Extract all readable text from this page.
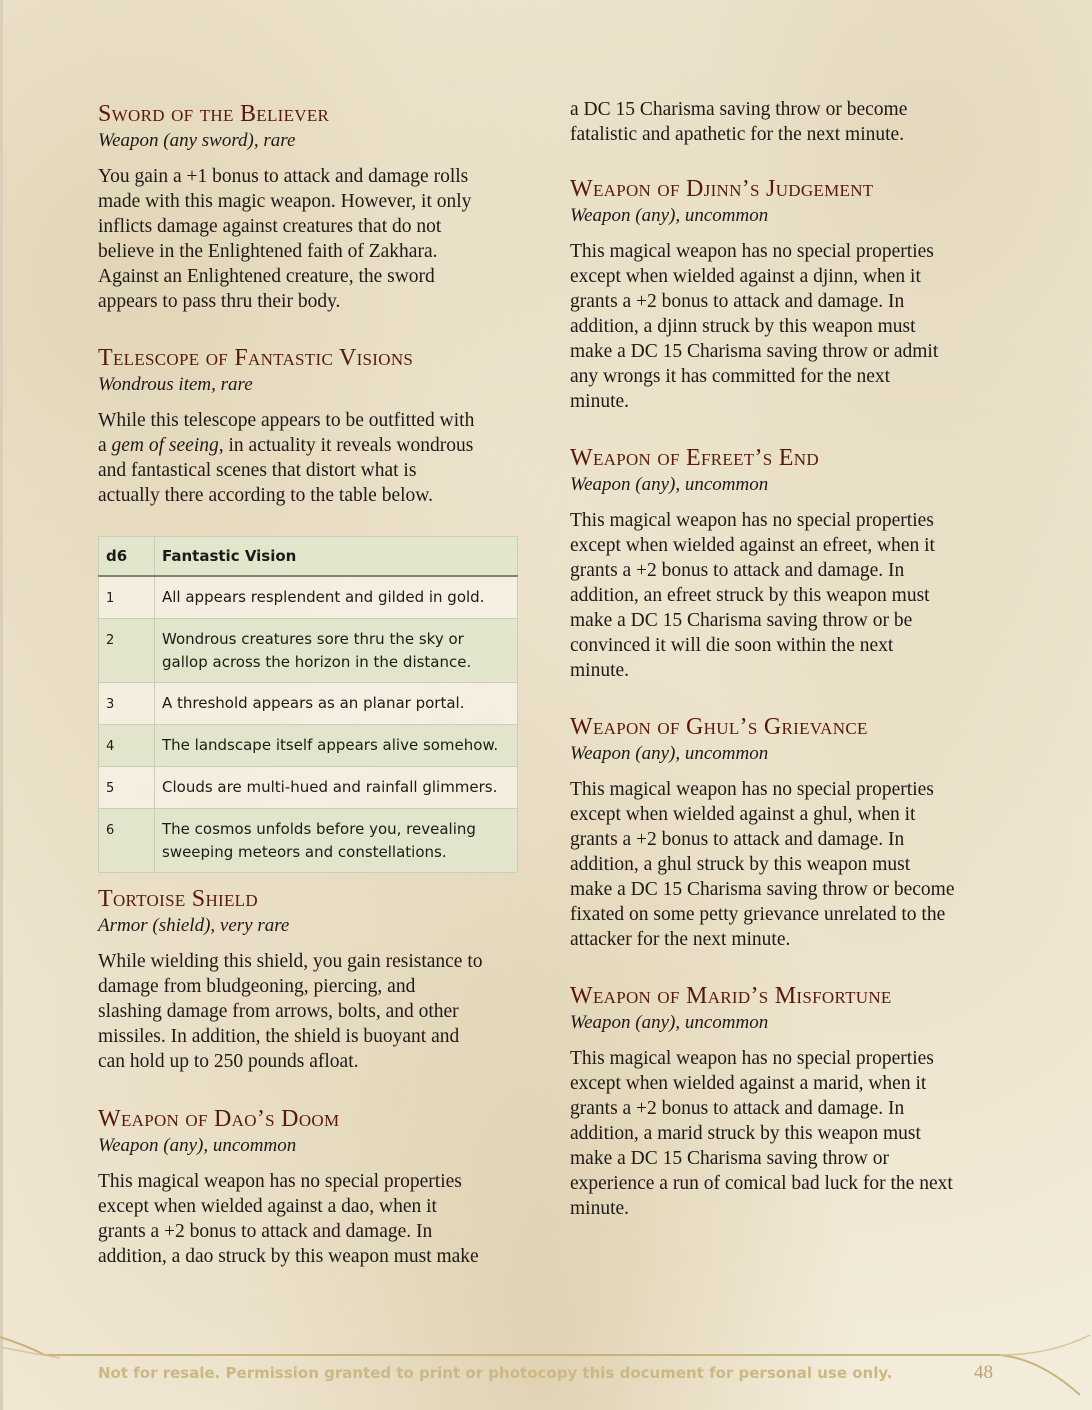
Sword of the Believer
Weapon (any sword), rare
You gain a +1 bonus to attack and damage rolls
made with this magic weapon. However, it only
inflicts damage against creatures that do not
believe in the Enlightened faith of Zakhara.
Against an Enlightened creature, the sword
appears to pass thru their body.
Telescope of Fantastic Visions
Wondrous item, rare
While this telescope appears to be outfitted with
a gem of seeing, in actuality it reveals wondrous
and fantastical scenes that distort what is
actually there according to the table below.
Tortoise Shield
Armor (shield), very rare
While wielding this shield, you gain resistance to
damage from bludgeoning, piercing, and
slashing damage from arrows, bolts, and other
missiles. In addition, the shield is buoyant and
can hold up to 250 pounds afloat.
Weapon of Dao’s Doom
Weapon (any), uncommon
This magical weapon has no special properties
except when wielded against a dao, when it
grants a +2 bonus to attack and damage. In
addition, a dao struck by this weapon must make
d6	Fantastic Vision
1	All appears resplendent and gilded in gold.
2	Wondrous creatures sore thru the sky or
gallop across the horizon in the distance.
3	A threshold appears as an planar portal.
4	The landscape itself appears alive somehow.
5	Clouds are multi-hued and rainfall glimmers.
6	The cosmos unfolds before you, revealing
sweeping meteors and constellations.
a DC 15 Charisma saving throw or become
fatalistic and apathetic for the next minute.
Weapon of Djinn’s Judgement
Weapon (any), uncommon
This magical weapon has no special properties
except when wielded against a djinn, when it
grants a +2 bonus to attack and damage. In
addition, a djinn struck by this weapon must
make a DC 15 Charisma saving throw or admit
any wrongs it has committed for the next
minute.
Weapon of Efreet’s End
Weapon (any), uncommon
This magical weapon has no special properties
except when wielded against an efreet, when it
grants a +2 bonus to attack and damage. In
addition, an efreet struck by this weapon must
make a DC 15 Charisma saving throw or be
convinced it will die soon within the next
minute.
Weapon of Ghul’s Grievance
Weapon (any), uncommon
This magical weapon has no special properties
except when wielded against a ghul, when it
grants a +2 bonus to attack and damage. In
addition, a ghul struck by this weapon must
make a DC 15 Charisma saving throw or become
fixated on some petty grievance unrelated to the
attacker for the next minute.
Weapon of Marid’s Misfortune
Weapon (any), uncommon
This magical weapon has no special properties
except when wielded against a marid, when it
grants a +2 bonus to attack and damage. In
addition, a marid struck by this weapon must
make a DC 15 Charisma saving throw or
experience a run of comical bad luck for the next
minute.
Not for resale. Permission granted to print or photocopy this document for personal use only.	48
